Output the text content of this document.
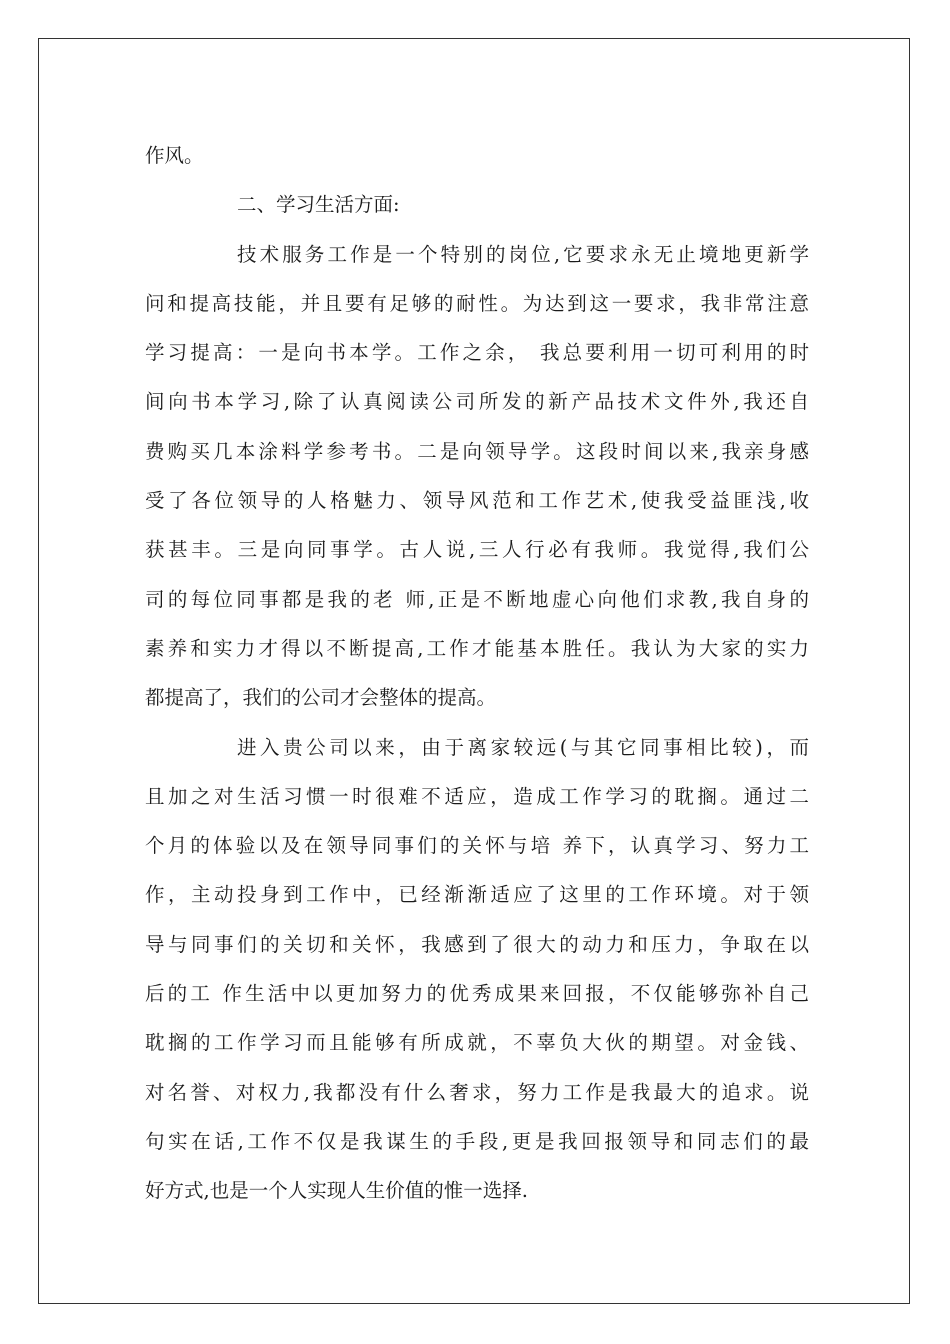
作风。
二、学习生活方面:
技术服务工作是一个特别的岗位,它要求永无止境地更新学
问和提高技能，并且要有足够的耐性。为达到这一要求，我非常注意
学习提高：一是向书本学。工作之余， 我总要利用一切可利用的时
间向书本学习,除了认真阅读公司所发的新产品技术文件外,我还自
费购买几本涂料学参考书。二是向领导学。这段时间以来,我亲身感
受了各位领导的人格魅力、领导风范和工作艺术,使我受益匪浅,收
获甚丰。三是向同事学。古人说,三人行必有我师。我觉得,我们公
司的每位同事都是我的老 师,正是不断地虚心向他们求教,我自身的
素养和实力才得以不断提高,工作才能基本胜任。我认为大家的实力
都提高了，我们的公司才会整体的提高。
进入贵公司以来，由于离家较远(与其它同事相比较)，而
且加之对生活习惯一时很难不适应，造成工作学习的耽搁。通过二
个月的体验以及在领导同事们的关怀与培 养下，认真学习、努力工
作，主动投身到工作中，已经渐渐适应了这里的工作环境。对于领
导与同事们的关切和关怀，我感到了很大的动力和压力，争取在以
后的工 作生活中以更加努力的优秀成果来回报，不仅能够弥补自己
耽搁的工作学习而且能够有所成就，不辜负大伙的期望。对金钱、
对名誉、对权力,我都没有什么奢求，努力工作是我最大的追求。说
句实在话,工作不仅是我谋生的手段,更是我回报领导和同志们的最
好方式,也是一个人实现人生价值的惟一选择.
